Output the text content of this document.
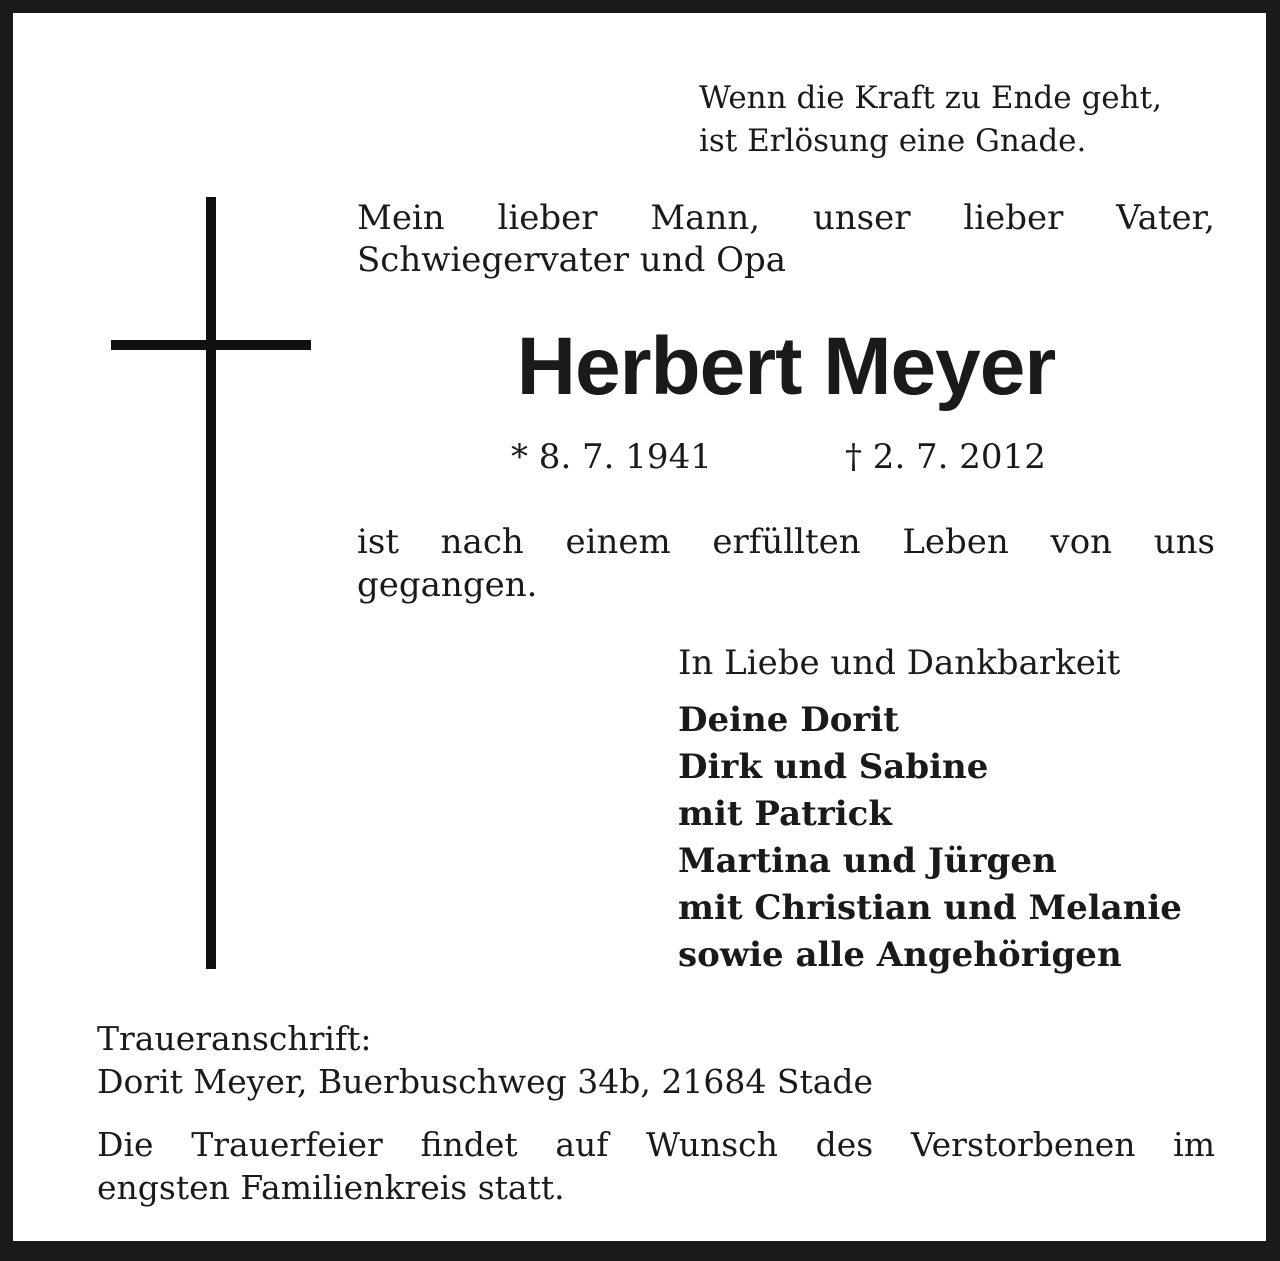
Wenn die Kraft zu Ende geht,
ist Erlösung eine Gnade.
Mein lieber Mann, unser lieber Vater,
Schwiegervater und Opa
Herbert Meyer
* 8. 7. 1941	† 2. 7. 2012
ist nach einem erfüllten Leben von uns
gegangen.
In Liebe und Dankbarkeit
Deine Dorit
Dirk und Sabine
mit Patrick
Martina und Jürgen
mit Christian und Melanie
sowie alle Angehörigen
Traueranschrift:
Dorit Meyer, Buerbuschweg 34b, 21684 Stade
Die Trauerfeier findet auf Wunsch des Verstorbenen im
engsten Familienkreis statt.
